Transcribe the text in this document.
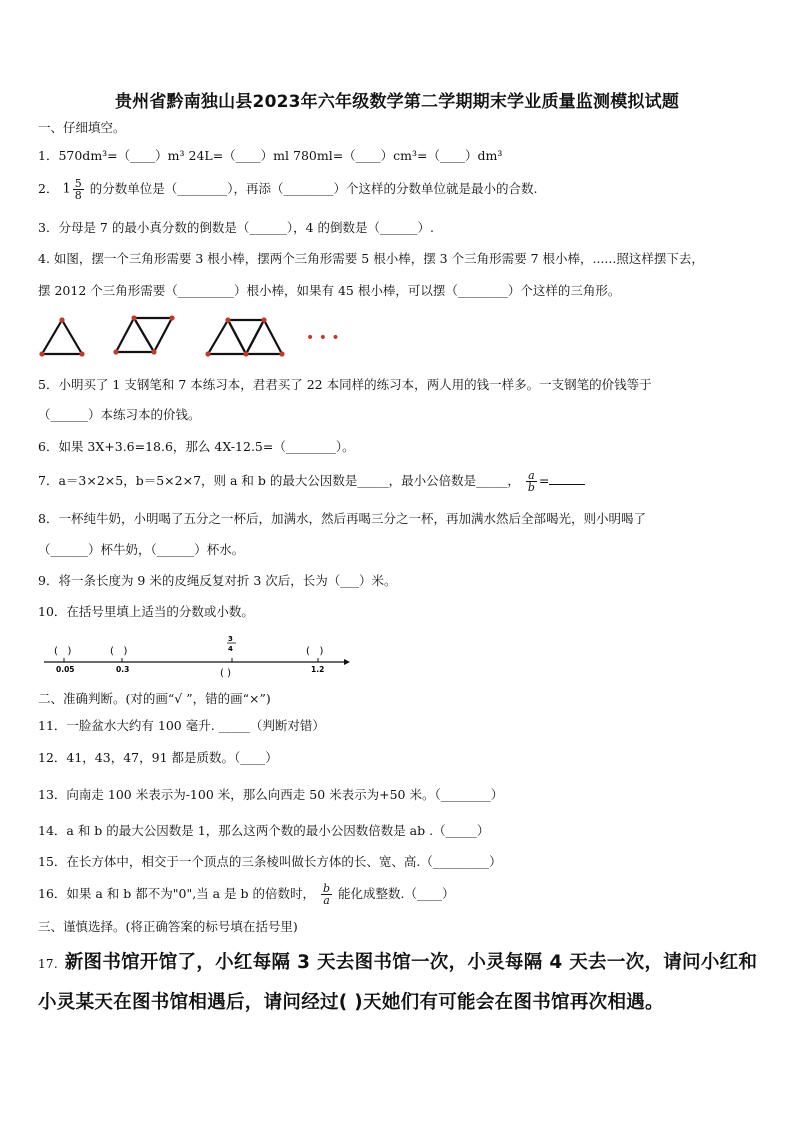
贵州省黔南独山县2023年六年级数学第二学期期末学业质量监测模拟试题
一、仔细填空。
1．570dm³=（____）m³ 24L=（____）ml 780ml=（____）cm³=（____）dm³
2． $1 \frac{5}{8}$ 的分数单位是（________），再添（________）个这样的分数单位就是最小的合数.
3．分母是 7 的最小真分数的倒数是（______），4 的倒数是（______）.
4. 如图，摆一个三角形需要 3 根小棒，摆两个三角形需要 5 根小棒，摆 3 个三角形需要 7 根小棒，......照这样摆下去，
摆 2012 个三角形需要（_________）根小棒，如果有 45 根小棒，可以摆（________）个这样的三角形。
• • •
5．小明买了 1 支钢笔和 7 本练习本，君君买了 22 本同样的练习本，两人用的钱一样多。一支钢笔的价钱等于
（______）本练习本的价钱。
6．如果 3X+3.6=18.6，那么 4X-12.5=（________）。
7．a＝3×2×5，b＝5×2×7，则 a 和 b 的最大公因数是_____，最小公倍数是_____， $\frac{a}{b}$ =
8．一杯纯牛奶，小明喝了五分之一杯后，加满水，然后再喝三分之一杯，再加满水然后全部喝光，则小明喝了
（______）杯牛奶，（______）杯水。
9．将一条长度为 9 米的皮绳反复对折 3 次后，长为（___）米。
10．在括号里填上适当的分数或小数。
(   )	(   )	(   )
3
4
( )
0.05	0.3	1.2
二、准确判断。(对的画“√ ”，错的画“×”)
11．一脸盆水大约有 100 毫升. _____（判断对错）
12．41，43，47，91 都是质数。（____）
13．向南走 100 米表示为-100 米，那么向西走 50 米表示为+50 米。（________）
14．a 和 b 的最大公因数是 1，那么这两个数的最小公因数倍数是 ab .（_____）
15．在长方体中，相交于一个顶点的三条棱叫做长方体的长、宽、高.（_________）
16．如果 a 和 b 都不为"0",当 a 是 b 的倍数时， $\frac{b}{a}$ 能化成整数.（____）
三、谨慎选择。(将正确答案的标号填在括号里)
17. 新图书馆开馆了，小红每隔 3 天去图书馆一次，小灵每隔 4 天去一次，请问小红和
小灵某天在图书馆相遇后，请问经过( )天她们有可能会在图书馆再次相遇。
